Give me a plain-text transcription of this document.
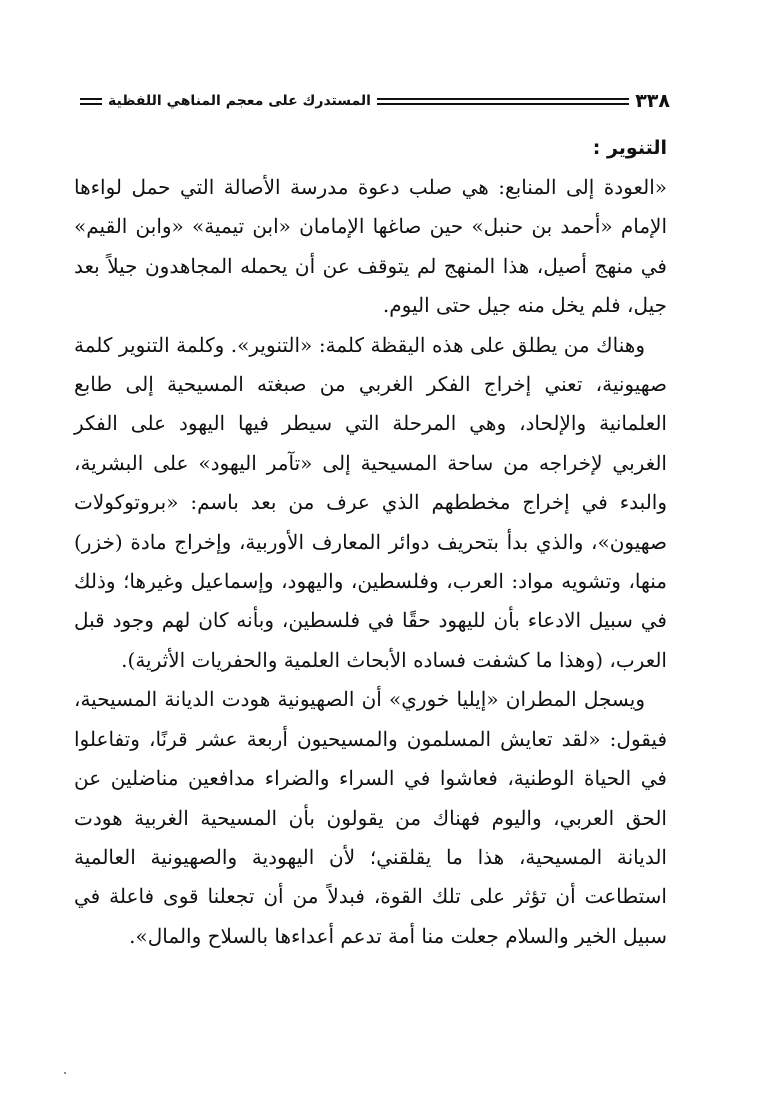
٣٣٨
المستدرك على معجم المناهي اللفظية
التنوير :

«العودة إلى المنابع: هي صلب دعوة مدرسة الأصالة التي حمل لواءها الإمام «أحمد بن حنبل» حين صاغها الإمامان «ابن تيمية» «وابن القيم» في منهج أصيل، هذا المنهج لم يتوقف عن أن يحمله المجاهدون جيلاً بعد جيل، فلم يخل منه جيل حتى اليوم.

وهناك من يطلق على هذه اليقظة كلمة: «التنوير». وكلمة التنوير كلمة صهيونية، تعني إخراج الفكر الغربي من صبغته المسيحية إلى طابع العلمانية والإلحاد، وهي المرحلة التي سيطر فيها اليهود على الفكر الغربي لإخراجه من ساحة المسيحية إلى «تآمر اليهود» على البشرية، والبدء في إخراج مخططهم الذي عرف من بعد باسم: «بروتوكولات صهيون»، والذي بدأ بتحريف دوائر المعارف الأوربية، وإخراج مادة (خزر) منها، وتشويه مواد: العرب، وفلسطين، واليهود، وإسماعيل وغيرها؛ وذلك في سبيل الادعاء بأن لليهود حقًا في فلسطين، وبأنه كان لهم وجود قبل العرب، (وهذا ما كشفت فساده الأبحاث العلمية والحفريات الأثرية).

ويسجل المطران «إيليا خوري» أن الصهيونية هودت الديانة المسيحية، فيقول: «لقد تعايش المسلمون والمسيحيون أربعة عشر قرنًا، وتفاعلوا في الحياة الوطنية، فعاشوا في السراء والضراء مدافعين مناضلين عن الحق العربي، واليوم فهناك من يقولون بأن المسيحية الغربية هودت الديانة المسيحية، هذا ما يقلقني؛ لأن اليهودية والصهيونية العالمية استطاعت أن تؤثر على تلك القوة، فبدلاً من أن تجعلنا قوى فاعلة في سبيل الخير والسلام جعلت منا أمة تدعم أعداءها بالسلاح والمال».
